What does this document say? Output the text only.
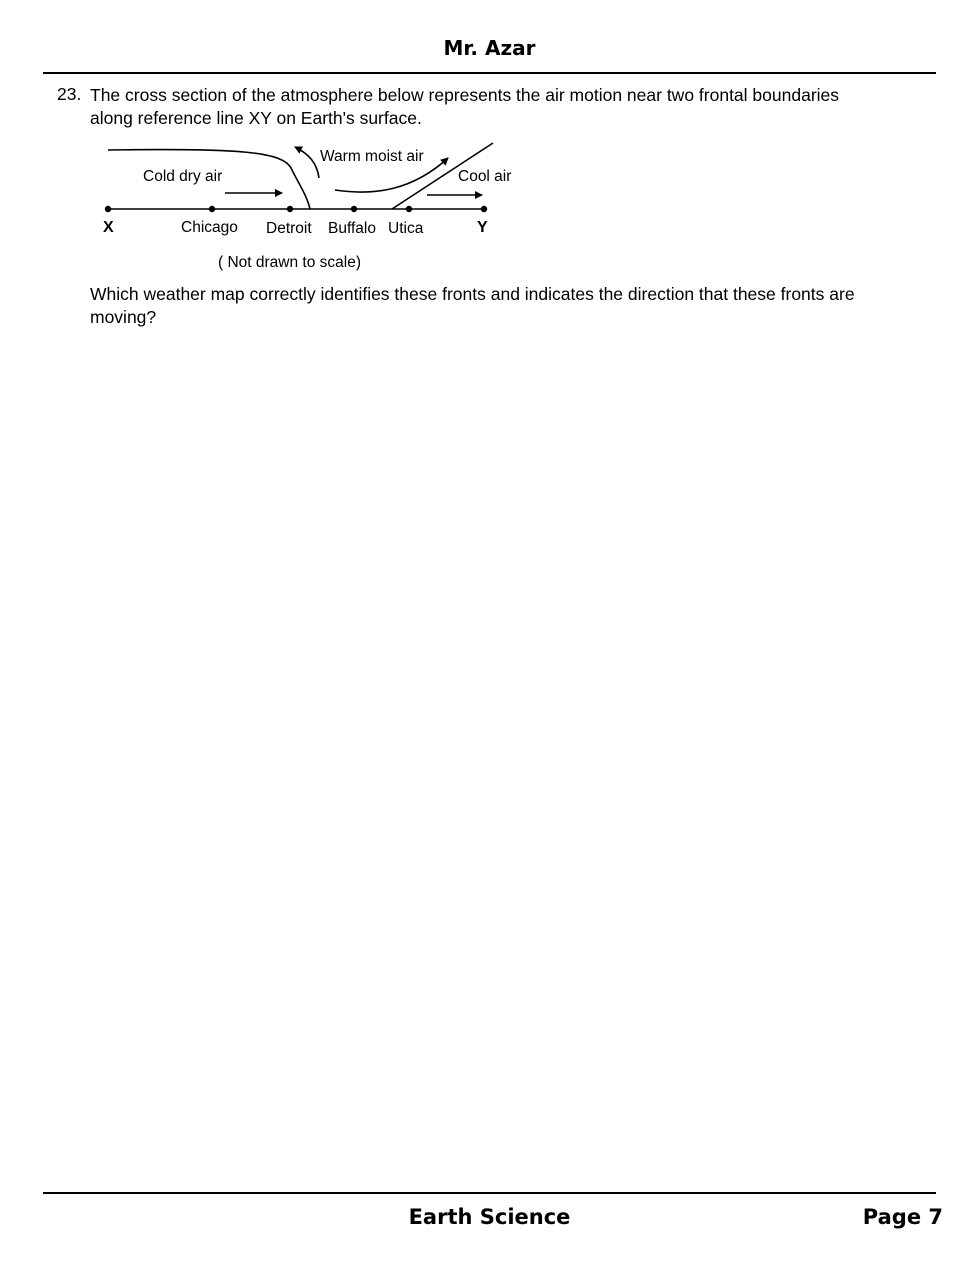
Mr. Azar
23. The cross section of the atmosphere below represents the air motion near two frontal boundaries along reference line XY on Earth's surface.
Cold dry air
Warm moist air
Cool air
X	Chicago Detroit Buffalo Utica	Y
( Not drawn to scale)
Which weather map correctly identifies these fronts and indicates the direction that these fronts are moving?
Earth Science	Page 7
